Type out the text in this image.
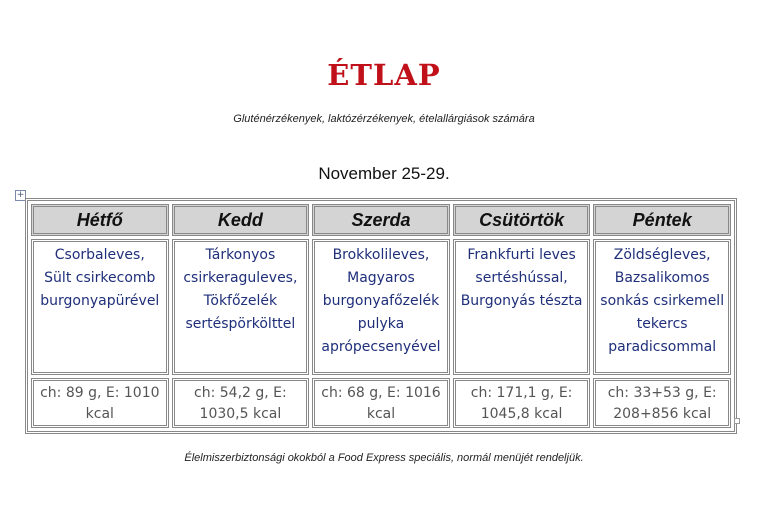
ÉTLAP
Gluténérzékenyek, laktózérzékenyek, ételallárgiások számára
November 25-29.
+
Hétfő	Kedd	Szerda	Csütörtök	Péntek

Csorbaleves,
Sült csirkecomb
burgonyapürével	Tárkonyos
csirkeraguleves,
Tökfőzelék
sertéspörkölttel	Brokkolileves,
Magyaros
burgonyafőzelék
pulyka
aprópecsenyével	Frankfurti leves
sertéshússal,
Burgonyás tészta	Zöldségleves,
Bazsalikomos
sonkás csirkemell
tekercs
paradicsommal

ch: 89 g, E: 1010
kcal	ch: 54,2 g, E:
1030,5 kcal	ch: 68 g, E: 1016
kcal	ch: 171,1 g, E:
1045,8 kcal	ch: 33+53 g, E:
208+856 kcal
Élelmiszerbiztonsági okokból a Food Express speciális, normál menüjét rendeljük.
